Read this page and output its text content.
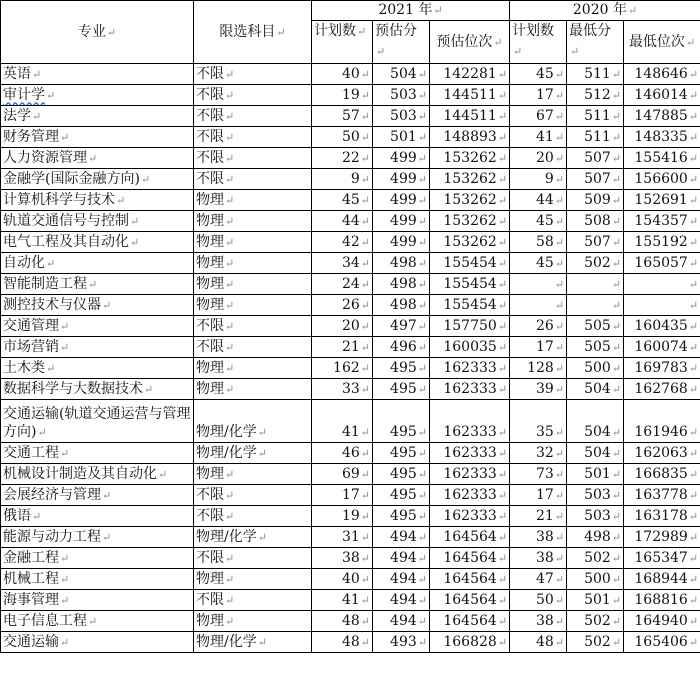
专业↵	限选科目↵	2021 年↵			2020 年↵		
		计划数↵	预估分↵	预估位次↵	计划数↵	最低分↵	最低位次↵
英语↵	不限↵	40↵	504↵	142281↵	45↵	511↵	148646↵
审计学↵	不限↵	19↵	503↵	144511↵	17↵	512↵	146014↵
法学↵	不限↵	57↵	503↵	144511↵	67↵	511↵	147885↵
财务管理↵	不限↵	50↵	501↵	148893↵	41↵	511↵	148335↵
人力资源管理↵	不限↵	22↵	499↵	153262↵	20↵	507↵	155416↵
金融学(国际金融方向)↵	不限↵	9↵	499↵	153262↵	9↵	507↵	156600↵
计算机科学与技术↵	物理↵	45↵	499↵	153262↵	44↵	509↵	152691↵
轨道交通信号与控制↵	物理↵	44↵	499↵	153262↵	45↵	508↵	154357↵
电气工程及其自动化↵	物理↵	42↵	499↵	153262↵	58↵	507↵	155192↵
自动化↵	物理↵	34↵	498↵	155454↵	45↵	502↵	165057↵
智能制造工程↵	物理↵	24↵	498↵	155454↵	↵	↵	↵
测控技术与仪器↵	物理↵	26↵	498↵	155454↵	↵	↵	↵
交通管理↵	不限↵	20↵	497↵	157750↵	26↵	505↵	160435↵
市场营销↵	不限↵	21↵	496↵	160035↵	17↵	505↵	160074↵
土木类↵	物理↵	162↵	495↵	162333↵	128↵	500↵	169783↵
数据科学与大数据技术↵	物理↵	33↵	495↵	162333↵	39↵	504↵	162768↵
交通运输(轨道交通运营与管理方向)↵	物理/化学↵	41↵	495↵	162333↵	35↵	504↵	161946↵
交通工程↵	物理/化学↵	46↵	495↵	162333↵	32↵	504↵	162063↵
机械设计制造及其自动化↵	物理↵	69↵	495↵	162333↵	73↵	501↵	166835↵
会展经济与管理↵	不限↵	17↵	495↵	162333↵	17↵	503↵	163778↵
俄语↵	不限↵	19↵	495↵	162333↵	21↵	503↵	163178↵
能源与动力工程↵	物理/化学↵	31↵	494↵	164564↵	38↵	498↵	172989↵
金融工程↵	不限↵	38↵	494↵	164564↵	38↵	502↵	165347↵
机械工程↵	物理↵	40↵	494↵	164564↵	47↵	500↵	168944↵
海事管理↵	不限↵	41↵	494↵	164564↵	50↵	501↵	168816↵
电子信息工程↵	物理↵	48↵	494↵	164564↵	38↵	502↵	164940↵
交通运输↵	物理/化学↵	48↵	493↵	166828↵	48↵	502↵	165406↵
